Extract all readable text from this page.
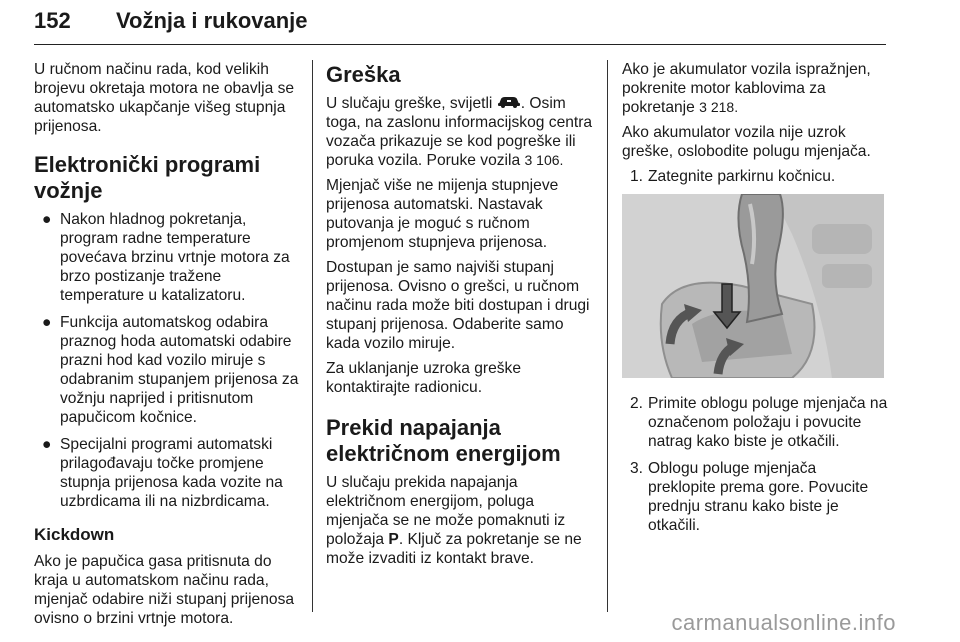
152 Vožnja i rukovanje

U ručnom načinu rada, kod velikih brojevu okretaja motora ne obavlja se automatsko ukapčanje višeg stupnja prijenosa.

Elektronički programi vožnje
● Nakon hladnog pokretanja, program radne temperature povećava brzinu vrtnje motora za brzo postizanje tražene temperature u katalizatoru.
● Funkcija automatskog odabira praznog hoda automatski odabire prazni hod kad vozilo miruje s odabranim stupanjem prijenosa za vožnju naprijed i pritisnutom papučicom kočnice.
● Specijalni programi automatski prilagođavaju točke promjene stupnja prijenosa kada vozite na uzbrdicama ili na nizbrdicama.
Kickdown

Ako je papučica gasa pritisnuta do kraja u automatskom načinu rada, mjenjač odabire niži stupanj prijenosa ovisno o brzini vrtnje motora.

Greška

U slučaju greške, svijetli . Osim toga, na zaslonu informacijskog centra vozača prikazuje se kod pogreške ili poruka vozila. Poruke vozila 3 106.

Mjenjač više ne mijenja stupnjeve prijenosa automatski. Nastavak putovanja je moguć s ručnom promjenom stupnjeva prijenosa.

Dostupan je samo najviši stupanj prijenosa. Ovisno o grešci, u ručnom načinu rada može biti dostupan i drugi stupanj prijenosa. Odaberite samo kada vozilo miruje.

Za uklanjanje uzroka greške kontaktirajte radionicu.

Prekid napajanja električnom energijom

U slučaju prekida napajanja električnom energijom, poluga mjenjača se ne može pomaknuti iz položaja P. Ključ za pokretanje se ne može izvaditi iz kontakt brave.

Ako je akumulator vozila ispražnjen, pokrenite motor kablovima za pokretanje 3 218.

Ako akumulator vozila nije uzrok greške, oslobodite polugu mjenjača.

1. Zategnite parkirnu kočnicu.
2. Primite oblogu poluge mjenjača na označenom položaju i povucite natrag kako biste je otkačili.
3. Oblogu poluge mjenjača preklopite prema gore. Povucite prednju stranu kako biste je otkačili.
carmanualsonline.info
